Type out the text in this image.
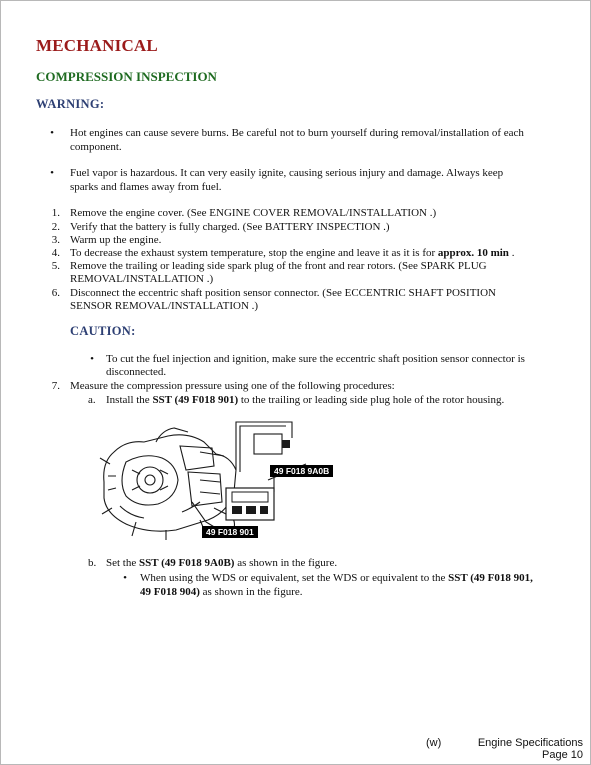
MECHANICAL
COMPRESSION INSPECTION
WARNING:
• Hot engines can cause severe burns. Be careful not to burn yourself during removal/installation of each
component.
• Fuel vapor is hazardous. It can very easily ignite, causing serious injury and damage. Always keep
sparks and flames away from fuel.
1. Remove the engine cover. (See ENGINE COVER REMOVAL/INSTALLATION .)
2. Verify that the battery is fully charged. (See BATTERY INSPECTION .)
3. Warm up the engine.
4. To decrease the exhaust system temperature, stop the engine and leave it as it is for approx. 10 min .
5. Remove the trailing or leading side spark plug of the front and rear rotors. (See SPARK PLUG
REMOVAL/INSTALLATION .)
6. Disconnect the eccentric shaft position sensor connector. (See ECCENTRIC SHAFT POSITION
SENSOR REMOVAL/INSTALLATION .)
CAUTION:
• To cut the fuel injection and ignition, make sure the eccentric shaft position sensor connector is
disconnected.
7. Measure the compression pressure using one of the following procedures:
a. Install the SST (49 F018 901) to the trailing or leading side plug hole of the rotor housing.
49 F018 9A0B
49 F018 901
b. Set the SST (49 F018 9A0B) as shown in the figure.
• When using the WDS or equivalent, set the WDS or equivalent to the SST (49 F018 901,
49 F018 904) as shown in the figure.
(w)	Engine Specifications
Page 10
